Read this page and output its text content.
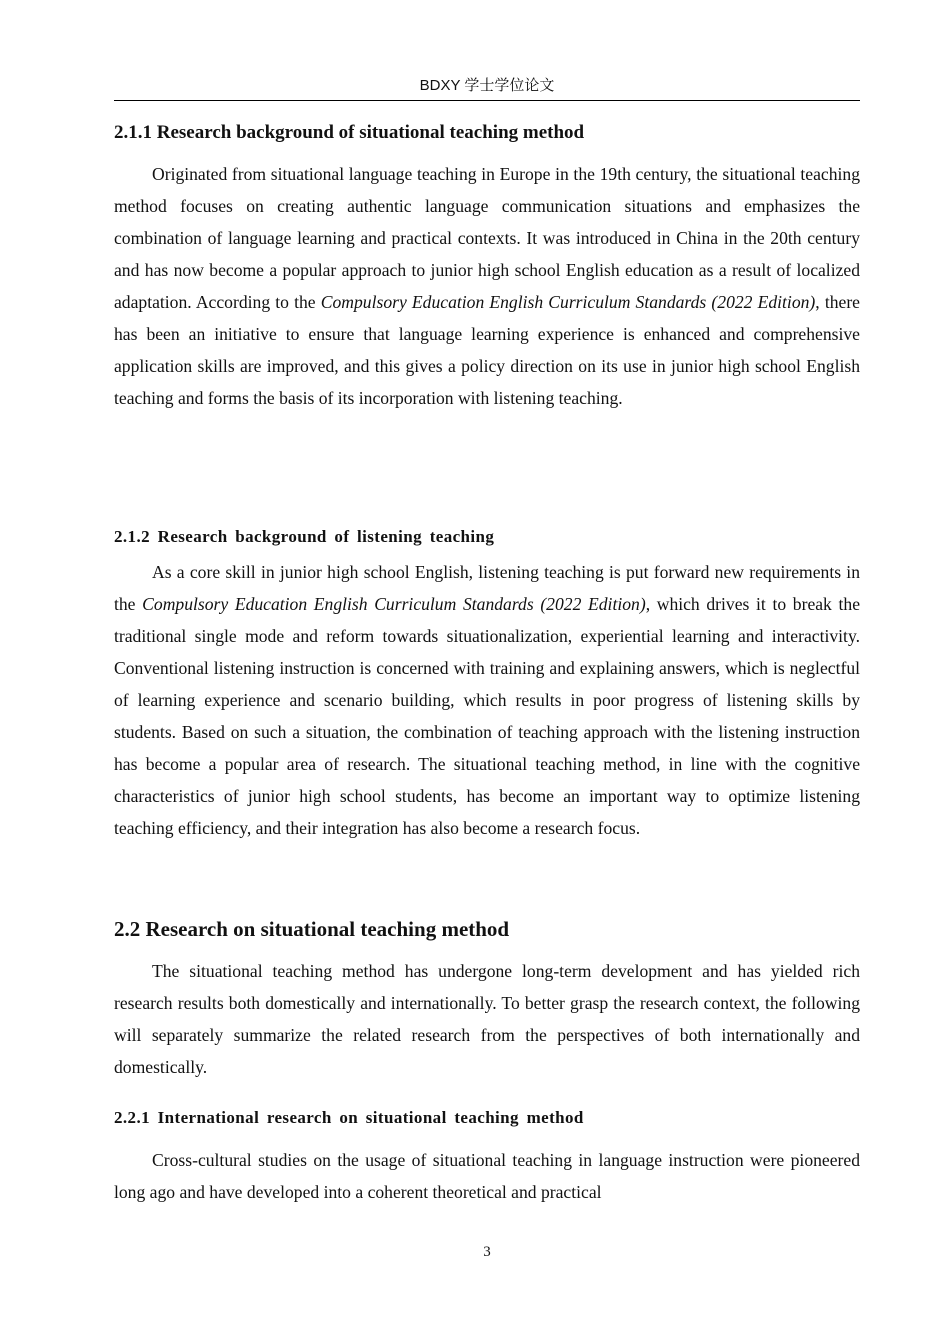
BDXY 学士学位论文
2.1.1 Research background of situational teaching method

Originated from situational language teaching in Europe in the 19th century, the situational teaching method focuses on creating authentic language communication situations and emphasizes the combination of language learning and practical contexts. It was introduced in China in the 20th century and has now become a popular approach to junior high school English education as a result of localized adaptation. According to the Compulsory Education English Curriculum Standards (2022 Edition), there has been an initiative to ensure that language learning experience is enhanced and comprehensive application skills are improved, and this gives a policy direction on its use in junior high school English teaching and forms the basis of its incorporation with listening teaching.

2.1.2 Research background of listening teaching

As a core skill in junior high school English, listening teaching is put forward new requirements in the Compulsory Education English Curriculum Standards (2022 Edition), which drives it to break the traditional single mode and reform towards situationalization, experiential learning and interactivity. Conventional listening instruction is concerned with training and explaining answers, which is neglectful of learning experience and scenario building, which results in poor progress of listening skills by students. Based on such a situation, the combination of teaching approach with the listening instruction has become a popular area of research. The situational teaching method, in line with the cognitive characteristics of junior high school students, has become an important way to optimize listening teaching efficiency, and their integration has also become a research focus.

2.2 Research on situational teaching method

The situational teaching method has undergone long-term development and has yielded rich research results both domestically and internationally. To better grasp the research context, the following will separately summarize the related research from the perspectives of both internationally and domestically.

2.2.1 International research on situational teaching method

Cross-cultural studies on the usage of situational teaching in language instruction were pioneered long ago and have developed into a coherent theoretical and practical

3
